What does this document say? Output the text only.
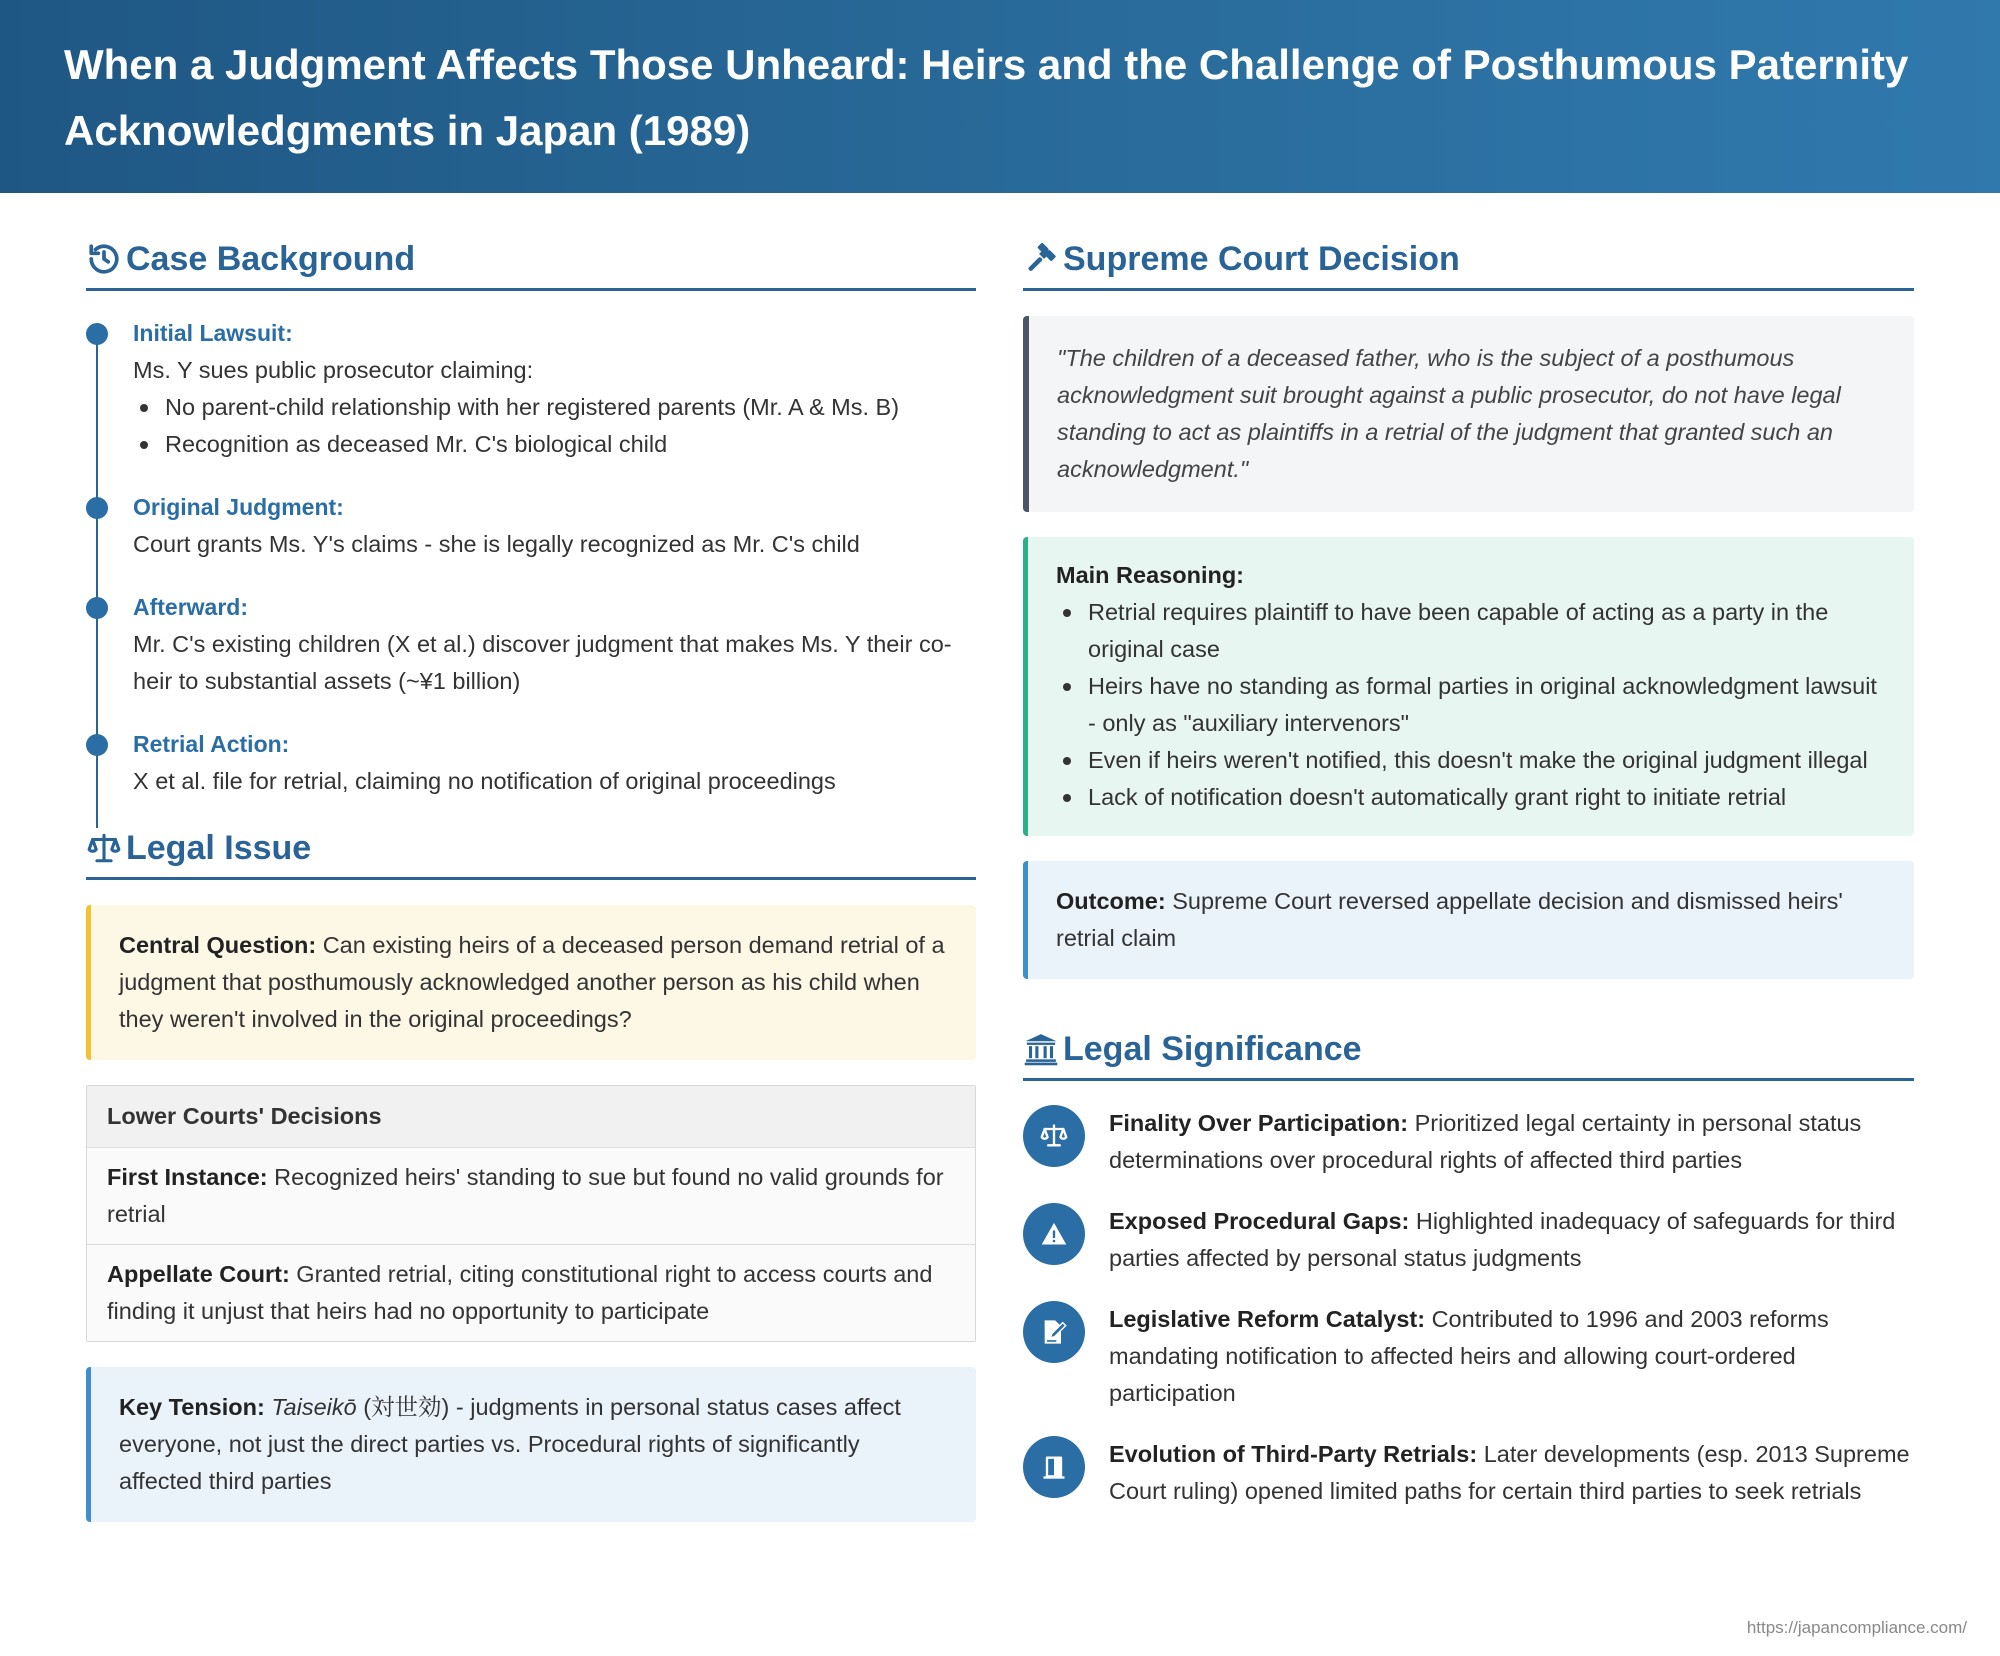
When a Judgment Affects Those Unheard: Heirs and the Challenge of Posthumous Paternity Acknowledgments in Japan (1989)
Case Background
Initial Lawsuit:
Ms. Y sues public prosecutor claiming:
No parent-child relationship with her registered parents (Mr. A & Ms. B)
Recognition as deceased Mr. C's biological child
Original Judgment:
Court grants Ms. Y's claims - she is legally recognized as Mr. C's child
Afterward:
Mr. C's existing children (X et al.) discover judgment that makes Ms. Y their co-heir to substantial assets (~¥1 billion)
Retrial Action:
X et al. file for retrial, claiming no notification of original proceedings
Legal Issue
Central Question: Can existing heirs of a deceased person demand retrial of a judgment that posthumously acknowledged another person as his child when they weren't involved in the original proceedings?
Lower Courts' Decisions
First Instance: Recognized heirs' standing to sue but found no valid grounds for retrial
Appellate Court: Granted retrial, citing constitutional right to access courts and finding it unjust that heirs had no opportunity to participate
Key Tension: Taiseikō (対世効) - judgments in personal status cases affect everyone, not just the direct parties vs. Procedural rights of significantly affected third parties
Supreme Court Decision
"The children of a deceased father, who is the subject of a posthumous acknowledgment suit brought against a public prosecutor, do not have legal standing to act as plaintiffs in a retrial of the judgment that granted such an acknowledgment."
Main Reasoning:
Retrial requires plaintiff to have been capable of acting as a party in the original case
Heirs have no standing as formal parties in original acknowledgment lawsuit - only as "auxiliary intervenors"
Even if heirs weren't notified, this doesn't make the original judgment illegal
Lack of notification doesn't automatically grant right to initiate retrial
Outcome: Supreme Court reversed appellate decision and dismissed heirs' retrial claim
Legal Significance
Finality Over Participation: Prioritized legal certainty in personal status determinations over procedural rights of affected third parties
Exposed Procedural Gaps: Highlighted inadequacy of safeguards for third parties affected by personal status judgments
Legislative Reform Catalyst: Contributed to 1996 and 2003 reforms mandating notification to affected heirs and allowing court-ordered participation
Evolution of Third-Party Retrials: Later developments (esp. 2013 Supreme Court ruling) opened limited paths for certain third parties to seek retrials
https://japancompliance.com/
